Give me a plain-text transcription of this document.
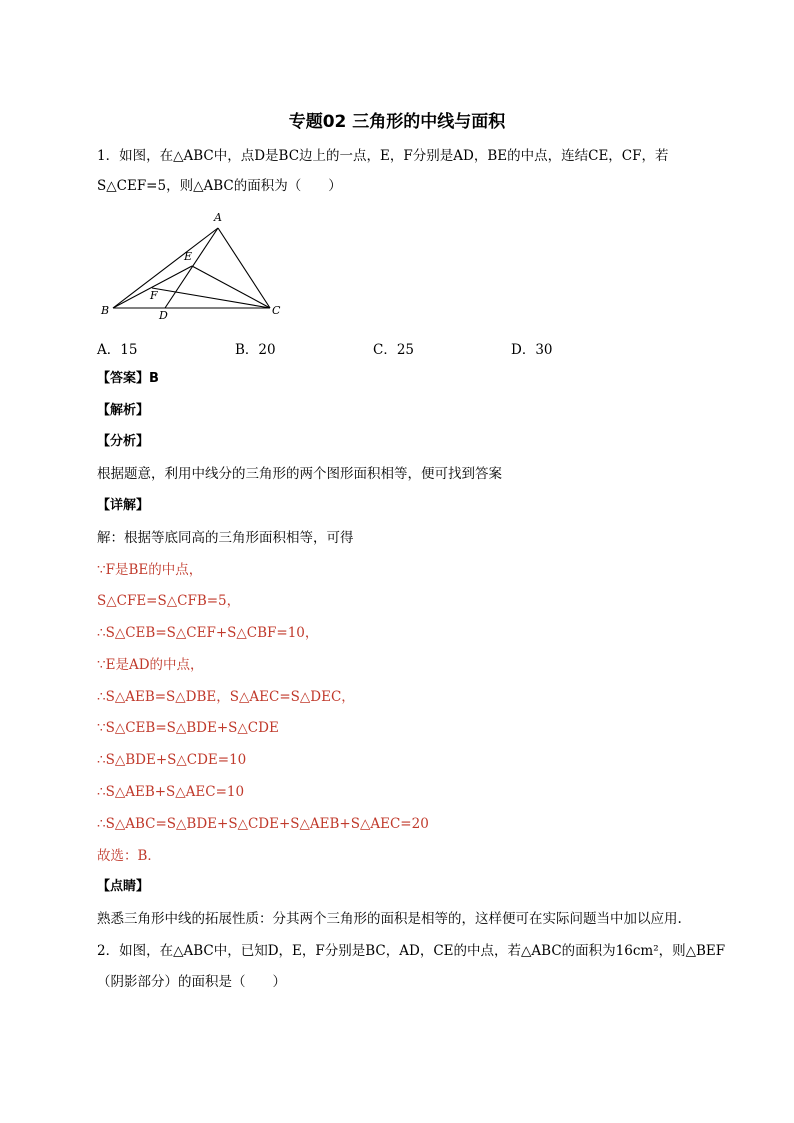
专题02 三角形的中线与面积
1．如图，在△ABC中，点D是BC边上的一点，E，F分别是AD，BE的中点，连结CE，CF，若
S△CEF=5，则△ABC的面积为（　　）
A
B	C
D
E
F
A．15	B．20	C．25	D．30
【答案】B
【解析】
【分析】
根据题意，利用中线分的三角形的两个图形面积相等，便可找到答案
【详解】
解：根据等底同高的三角形面积相等，可得
∵F是BE的中点，
S△CFE=S△CFB=5，
∴S△CEB=S△CEF+S△CBF=10，
∵E是AD的中点，
∴S△AEB=S△DBE，S△AEC=S△DEC，
∵S△CEB=S△BDE+S△CDE
∴S△BDE+S△CDE=10
∴S△AEB+S△AEC=10
∴S△ABC=S△BDE+S△CDE+S△AEB+S△AEC=20
故选：B．
【点睛】
熟悉三角形中线的拓展性质：分其两个三角形的面积是相等的，这样便可在实际问题当中加以应用.
2．如图，在△ABC中，已知D，E，F分别是BC，AD，CE的中点，若△ABC的面积为16cm²，则△BEF
（阴影部分）的面积是（　　）
